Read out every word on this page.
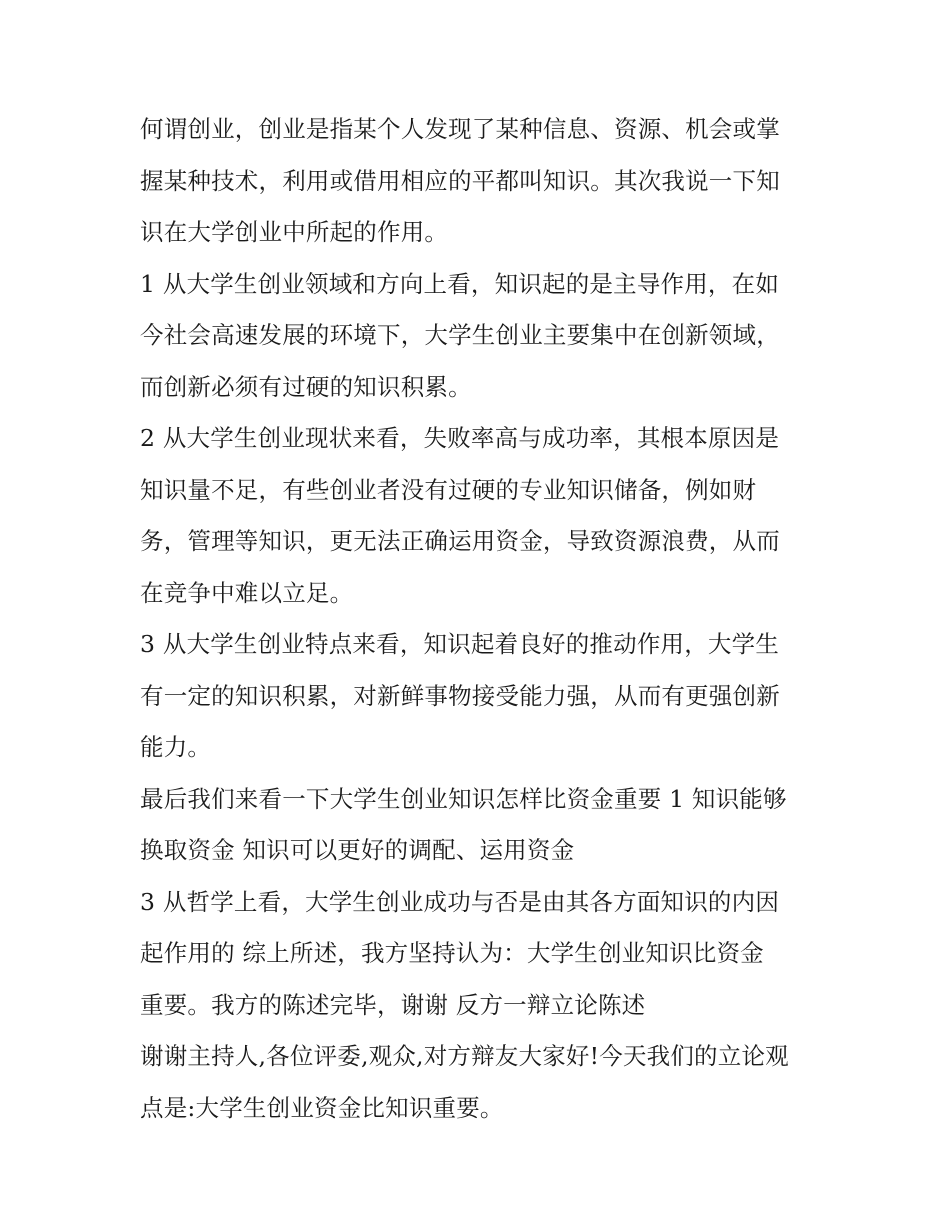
何谓创业，创业是指某个人发现了某种信息、资源、机会或掌
握某种技术，利用或借用相应的平都叫知识。其次我说一下知
识在大学创业中所起的作用。
1 从大学生创业领域和方向上看，知识起的是主导作用，在如
今社会高速发展的环境下，大学生创业主要集中在创新领域，
而创新必须有过硬的知识积累。
2 从大学生创业现状来看，失败率高与成功率，其根本原因是
知识量不足，有些创业者没有过硬的专业知识储备，例如财
务，管理等知识，更无法正确运用资金，导致资源浪费，从而
在竞争中难以立足。
3 从大学生创业特点来看，知识起着良好的推动作用，大学生
有一定的知识积累，对新鲜事物接受能力强，从而有更强创新
能力。
最后我们来看一下大学生创业知识怎样比资金重要 1 知识能够
换取资金 知识可以更好的调配、运用资金
3 从哲学上看，大学生创业成功与否是由其各方面知识的内因
起作用的 综上所述，我方坚持认为：大学生创业知识比资金
重要。我方的陈述完毕，谢谢 反方一辩立论陈述
谢谢主持人,各位评委,观众,对方辩友大家好!今天我们的立论观
点是:大学生创业资金比知识重要。
